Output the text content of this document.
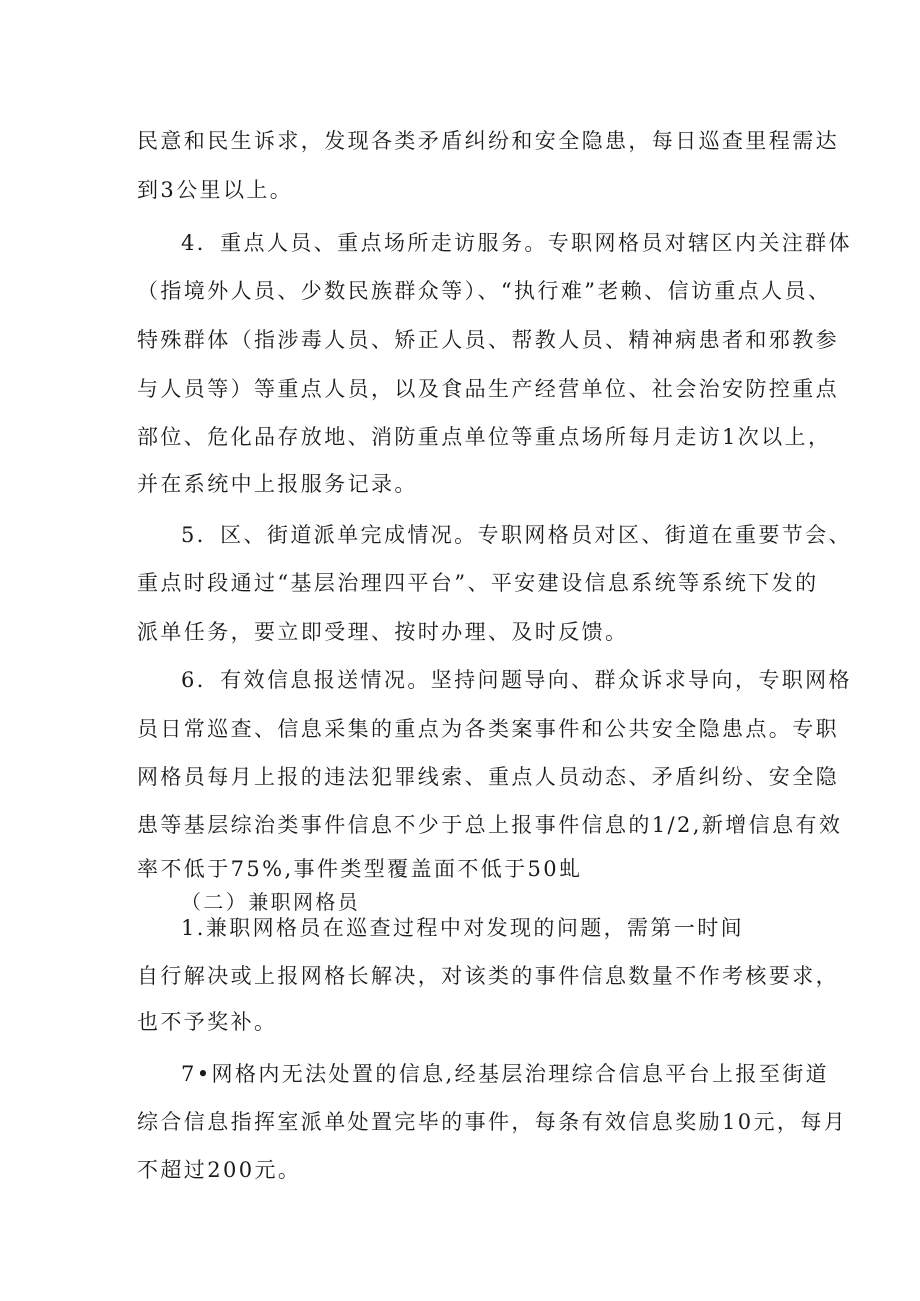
民意和民生诉求，发现各类矛盾纠纷和安全隐患，每日巡查里程需达
到3公里以上。
4．重点人员、重点场所走访服务。专职网格员对辖区内关注群体
（指境外人员、少数民族群众等）、“执行难”老赖、信访重点人员、
特殊群体（指涉毒人员、矫正人员、帮教人员、精神病患者和邪教参
与人员等）等重点人员，以及食品生产经营单位、社会治安防控重点
部位、危化品存放地、消防重点单位等重点场所每月走访1次以上，
并在系统中上报服务记录。
5．区、街道派单完成情况。专职网格员对区、街道在重要节会、
重点时段通过“基层治理四平台”、平安建设信息系统等系统下发的
派单任务，要立即受理、按时办理、及时反馈。
6．有效信息报送情况。坚持问题导向、群众诉求导向，专职网格
员日常巡查、信息采集的重点为各类案事件和公共安全隐患点。专职
网格员每月上报的违法犯罪线索、重点人员动态、矛盾纠纷、安全隐
患等基层综治类事件信息不少于总上报事件信息的1/2,新增信息有效
率不低于75%,事件类型覆盖面不低于50虬
（二）兼职网格员
1.兼职网格员在巡查过程中对发现的问题，需第一时间
自行解决或上报网格长解决，对该类的事件信息数量不作考核要求，
也不予奖补。
7•网格内无法处置的信息,经基层治理综合信息平台上报至街道
综合信息指挥室派单处置完毕的事件，每条有效信息奖励10元，每月
不超过200元。
